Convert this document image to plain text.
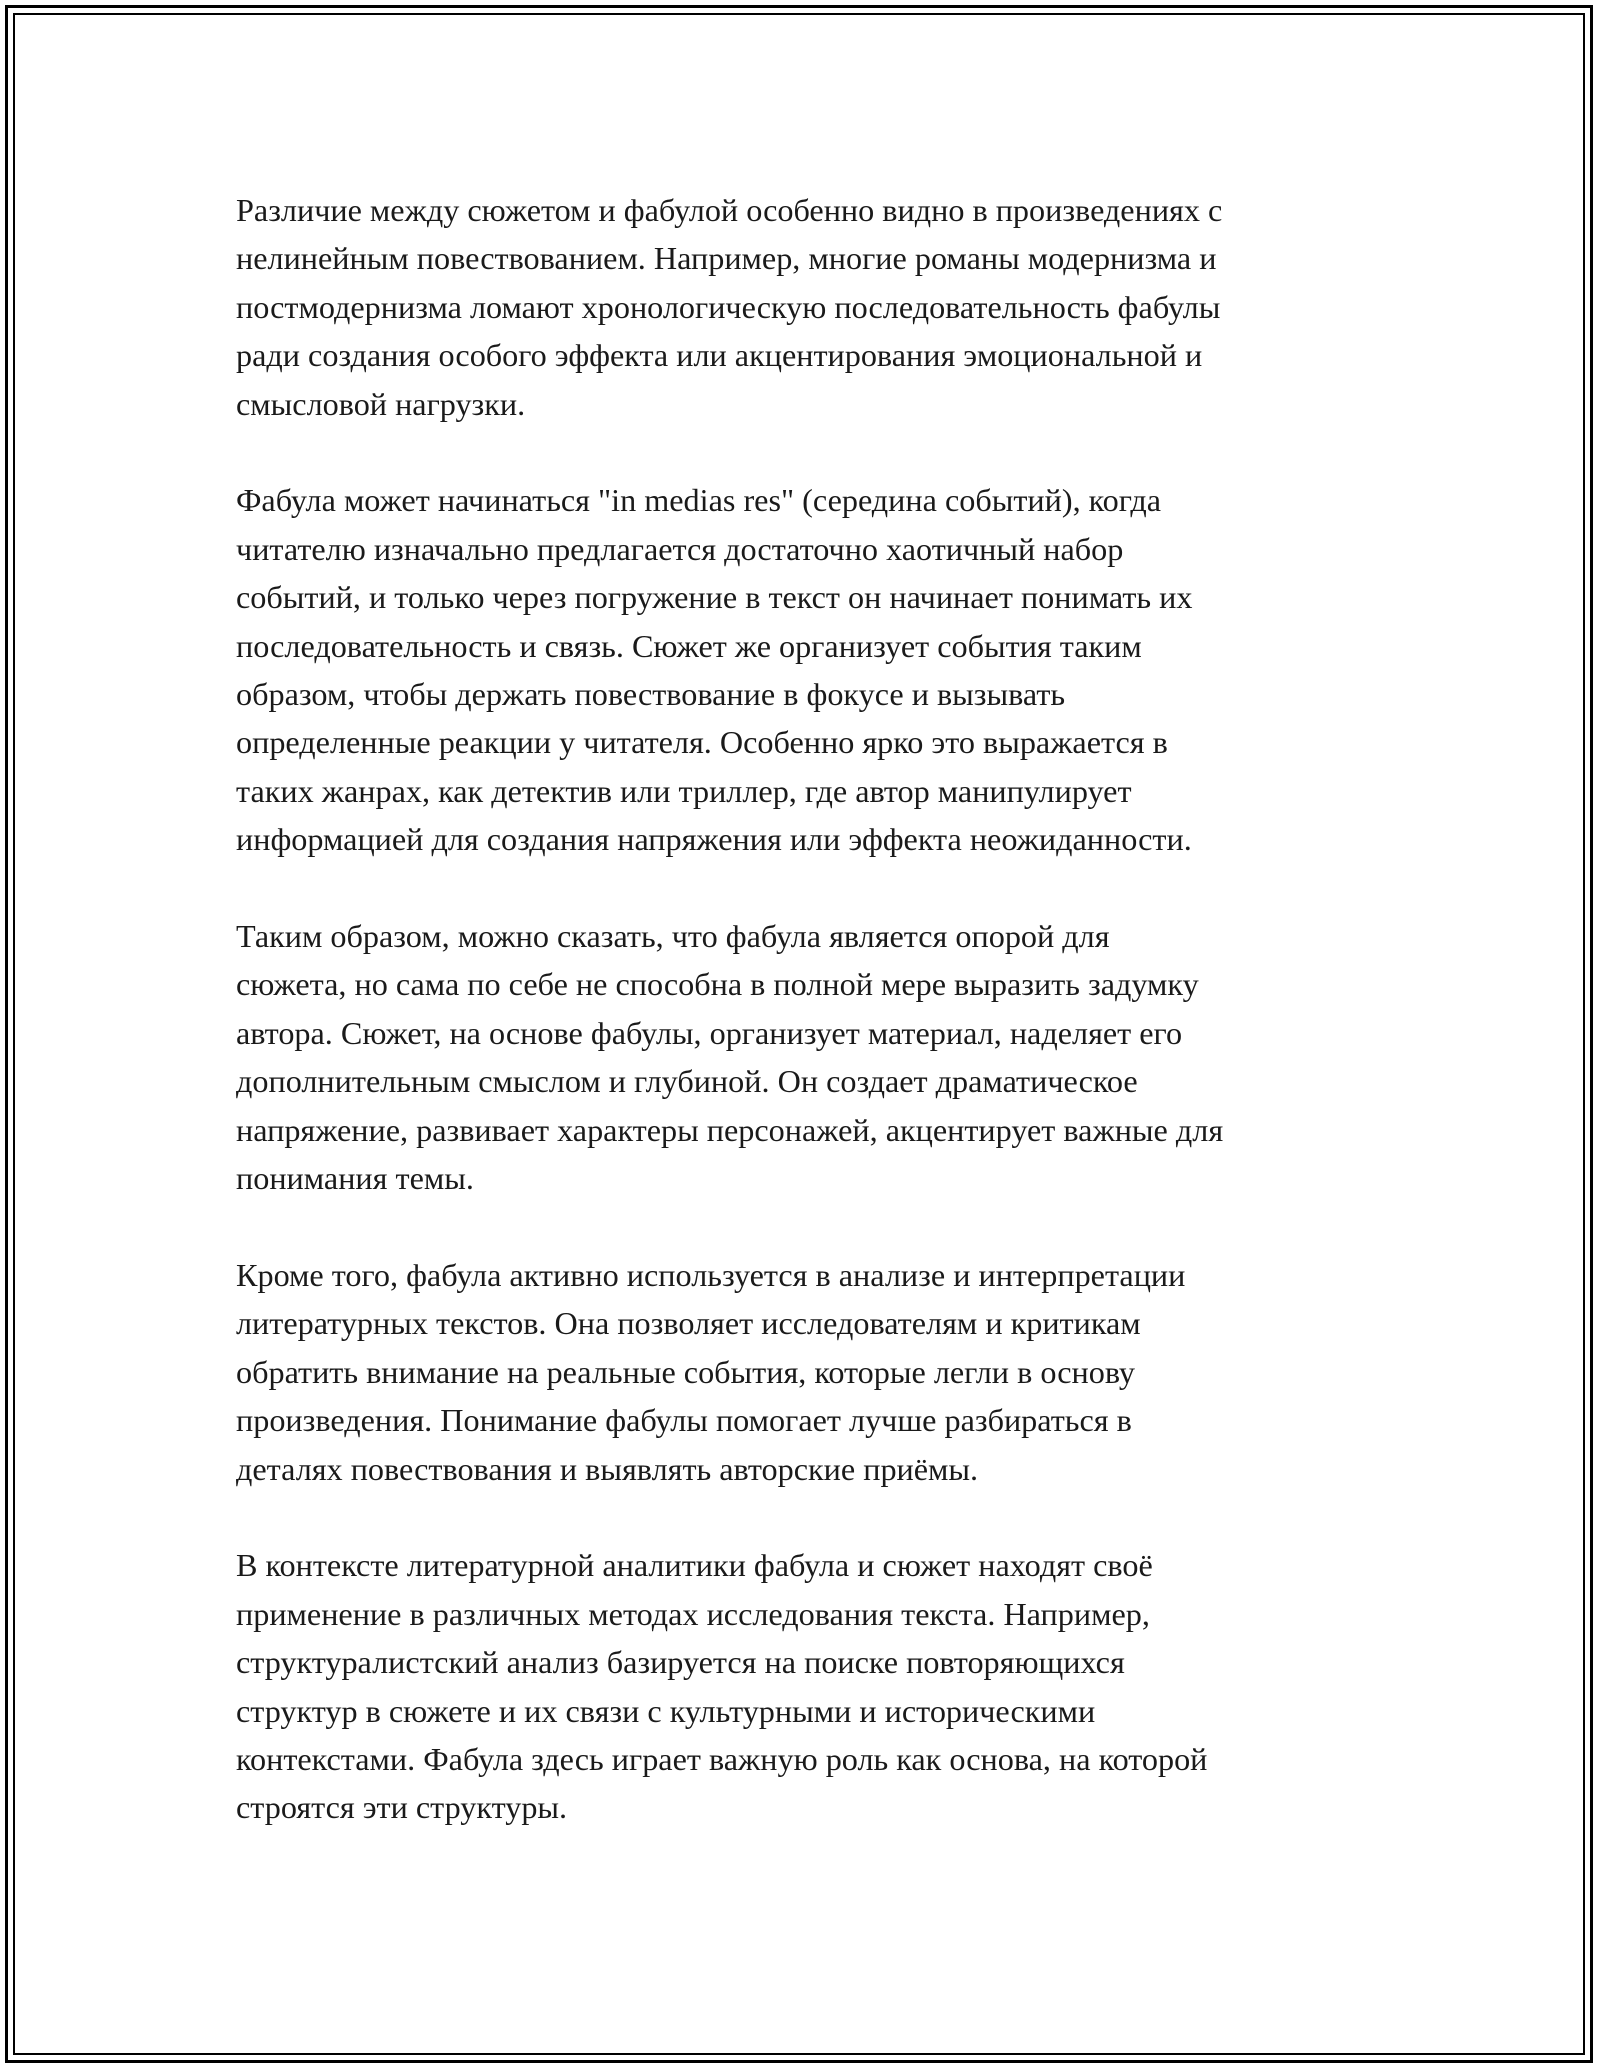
Различие между сюжетом и фабулой особенно видно в произведениях с
нелинейным повествованием. Например, многие романы модернизма и
постмодернизма ломают хронологическую последовательность фабулы
ради создания особого эффекта или акцентирования эмоциональной и
смысловой нагрузки.

Фабула может начинаться "in medias res" (середина событий), когда
читателю изначально предлагается достаточно хаотичный набор
событий, и только через погружение в текст он начинает понимать их
последовательность и связь. Сюжет же организует события таким
образом, чтобы держать повествование в фокусе и вызывать
определенные реакции у читателя. Особенно ярко это выражается в
таких жанрах, как детектив или триллер, где автор манипулирует
информацией для создания напряжения или эффекта неожиданности.

Таким образом, можно сказать, что фабула является опорой для
сюжета, но сама по себе не способна в полной мере выразить задумку
автора. Сюжет, на основе фабулы, организует материал, наделяет его
дополнительным смыслом и глубиной. Он создает драматическое
напряжение, развивает характеры персонажей, акцентирует важные для
понимания темы.

Кроме того, фабула активно используется в анализе и интерпретации
литературных текстов. Она позволяет исследователям и критикам
обратить внимание на реальные события, которые легли в основу
произведения. Понимание фабулы помогает лучше разбираться в
деталях повествования и выявлять авторские приёмы.

В контексте литературной аналитики фабула и сюжет находят своё
применение в различных методах исследования текста. Например,
структуралистский анализ базируется на поиске повторяющихся
структур в сюжете и их связи с культурными и историческими
контекстами. Фабула здесь играет важную роль как основа, на которой
строятся эти структуры.
